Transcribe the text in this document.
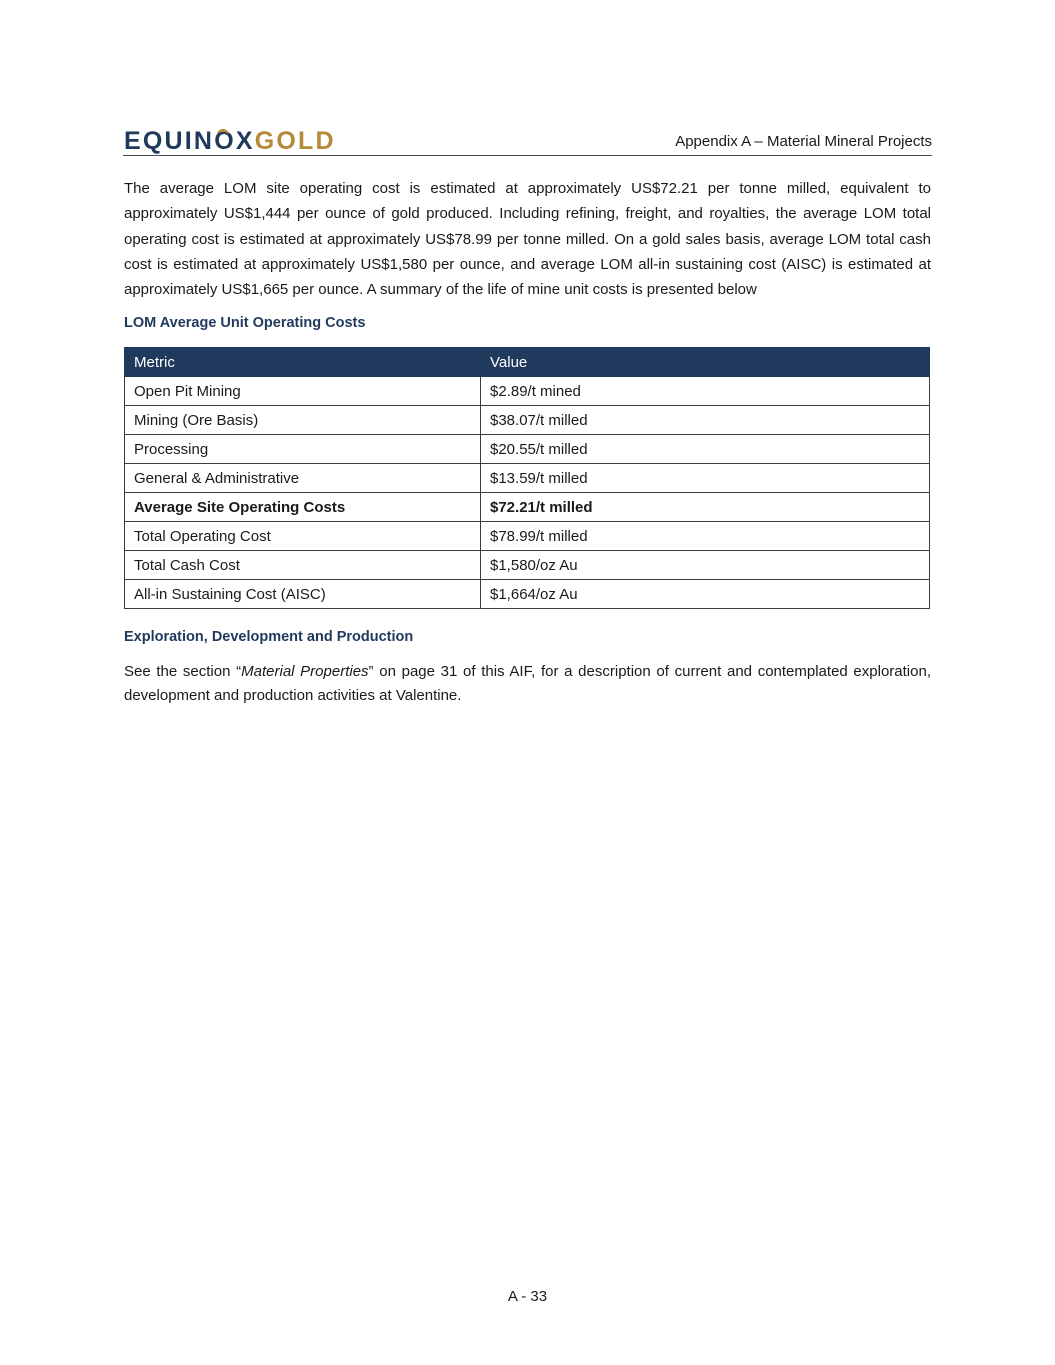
EQUINOXGOLD	Appendix A – Material Mineral Projects

The average LOM site operating cost is estimated at approximately US$72.21 per tonne milled, equivalent to approximately US$1,444 per ounce of gold produced. Including refining, freight, and royalties, the average LOM total operating cost is estimated at approximately US$78.99 per tonne milled. On a gold sales basis, average LOM total cash cost is estimated at approximately US$1,580 per ounce, and average LOM all-in sustaining cost (AISC) is estimated at approximately US$1,665 per ounce. A summary of the life of mine unit costs is presented below

LOM Average Unit Operating Costs

Metric	Value
Open Pit Mining	$2.89/t mined
Mining (Ore Basis)	$38.07/t milled
Processing	$20.55/t milled
General & Administrative	$13.59/t milled
Average Site Operating Costs	$72.21/t milled
Total Operating Cost	$78.99/t milled
Total Cash Cost	$1,580/oz Au
All-in Sustaining Cost (AISC)	$1,664/oz Au

Exploration, Development and Production

See the section “Material Properties” on page 31 of this AIF, for a description of current and contemplated exploration, development and production activities at Valentine.

A - 33
